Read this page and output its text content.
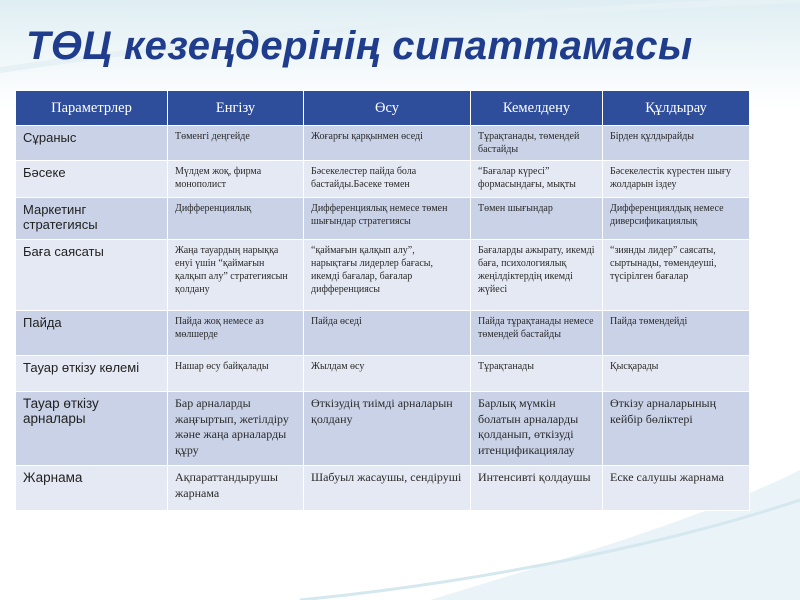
ТӨЦ кезеңдерінің сипаттамасы
Параметрлер	Енгізу	Өсу	Кемелдену	Құлдырау
Сұраныс	Төменгі деңгейде	Жоғарғы қарқынмен өседі	Тұрақтанады, төмендей бастайды	Бірден құлдырайды
Бәсеке	Мүлдем жоқ, фирма монополист	Бәсекелестер пайда бола бастайды.Бәсеке төмен	“Бағалар күресі” формасындағы, мықты	Бәсекелестік күрестен шығу жолдарын іздеу
Маркетинг стратегиясы	Дифференциялық	Дифференциялық немесе төмен шығындар стратегиясы	Төмен шығындар	Дифференциялдық немесе диверсификациялық
Баға саясаты	Жаңа тауардың нарыққа енуі үшін “қаймағын қалқып алу” стратегиясын қолдану	“қаймағын қалқып алу”, нарықтағы лидерлер бағасы, икемді бағалар, бағалар дифференциясы	Бағаларды ажырату, икемді баға, психологиялық жеңілдіктердің икемді жүйесі	“зиянды лидер” саясаты, сыртынады, төмендеуші, түсірілген бағалар
Пайда	Пайда жоқ немесе аз мөлшерде	Пайда өседі	Пайда тұрақтанады немесе төмендей бастайды	Пайда төмендейді
Тауар өткізу көлемі	Нашар өсу байқалады	Жылдам өсу	Тұрақтанады	Қысқарады
Тауар өткізу арналары	Бар арналарды жаңғыртып, жетілдіру және жаңа арналарды құру	Өткізудің тиімді арналарын қолдану	Барлық мүмкін болатын арналарды қолданып, өткізуді итенцификациялау	Өткізу арналарының кейбір бөліктері
Жарнама	Ақпараттандырушы жарнама	Шабуыл жасаушы, сендіруші	Интенсивті қолдаушы	Еске салушы жарнама
